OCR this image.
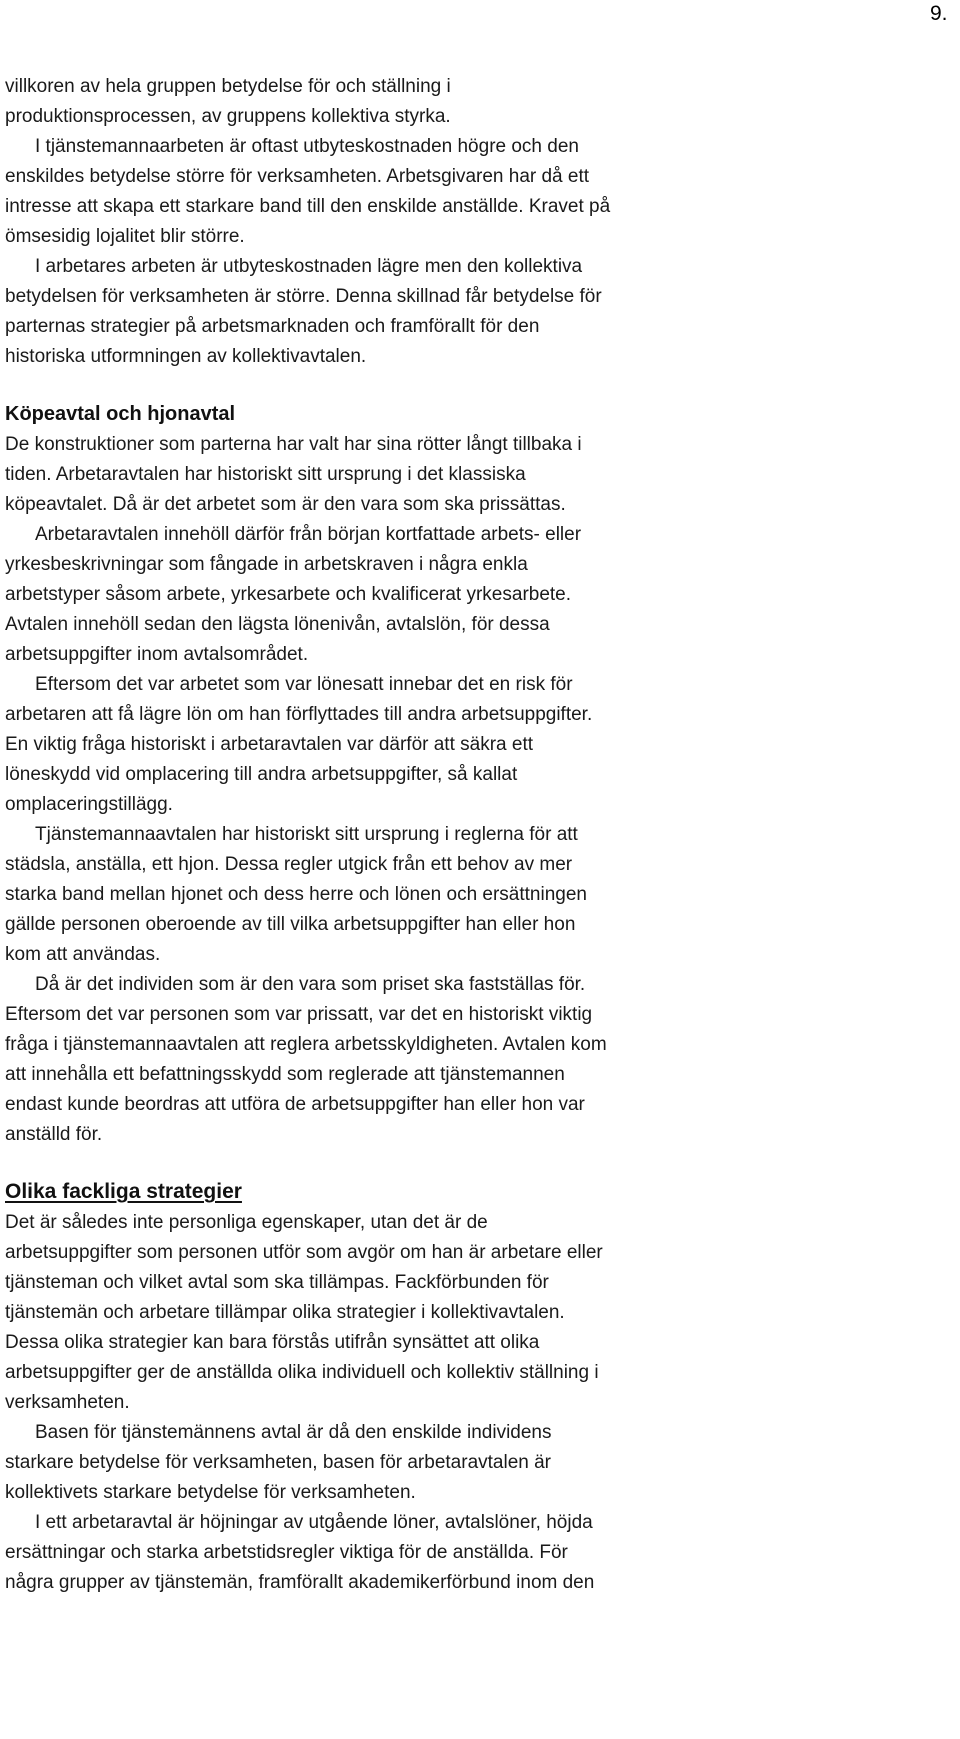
9.
villkoren av hela gruppen betydelse för och ställning i
produktionsprocessen, av gruppens kollektiva styrka.
I tjänstemannaarbeten är oftast utbyteskostnaden högre och den
enskildes betydelse större för verksamheten. Arbetsgivaren har då ett
intresse att skapa ett starkare band till den enskilde anställde. Kravet på
ömsesidig lojalitet blir större.
I arbetares arbeten är utbyteskostnaden lägre men den kollektiva
betydelsen för verksamheten är större. Denna skillnad får betydelse för
parternas strategier på arbetsmarknaden och framförallt för den
historiska utformningen av kollektivavtalen.
Köpeavtal och hjonavtal
De konstruktioner som parterna har valt har sina rötter långt tillbaka i
tiden. Arbetaravtalen har historiskt sitt ursprung i det klassiska
köpeavtalet. Då är det arbetet som är den vara som ska prissättas.
Arbetaravtalen innehöll därför från början kortfattade arbets- eller
yrkesbeskrivningar som fångade in arbetskraven i några enkla
arbetstyper såsom arbete, yrkesarbete och kvalificerat yrkesarbete.
Avtalen innehöll sedan den lägsta lönenivån, avtalslön, för dessa
arbetsuppgifter inom avtalsområdet.
Eftersom det var arbetet som var lönesatt innebar det en risk för
arbetaren att få lägre lön om han förflyttades till andra arbetsuppgifter.
En viktig fråga historiskt i arbetaravtalen var därför att säkra ett
löneskydd vid omplacering till andra arbetsuppgifter, så kallat
omplaceringstillägg.
Tjänstemannaavtalen har historiskt sitt ursprung i reglerna för att
städsla, anställa, ett hjon. Dessa regler utgick från ett behov av mer
starka band mellan hjonet och dess herre och lönen och ersättningen
gällde personen oberoende av till vilka arbetsuppgifter han eller hon
kom att användas.
Då är det individen som är den vara som priset ska fastställas för.
Eftersom det var personen som var prissatt, var det en historiskt viktig
fråga i tjänstemannaavtalen att reglera arbetsskyldigheten. Avtalen kom
att innehålla ett befattningsskydd som reglerade att tjänstemannen
endast kunde beordras att utföra de arbetsuppgifter han eller hon var
anställd för.
Olika fackliga strategier
Det är således inte personliga egenskaper, utan det är de
arbetsuppgifter som personen utför som avgör om han är arbetare eller
tjänsteman och vilket avtal som ska tillämpas. Fackförbunden för
tjänstemän och arbetare tillämpar olika strategier i kollektivavtalen.
Dessa olika strategier kan bara förstås utifrån synsättet att olika
arbetsuppgifter ger de anställda olika individuell och kollektiv ställning i
verksamheten.
Basen för tjänstemännens avtal är då den enskilde individens
starkare betydelse för verksamheten, basen för arbetaravtalen är
kollektivets starkare betydelse för verksamheten.
I ett arbetaravtal är höjningar av utgående löner, avtalslöner, höjda
ersättningar och starka arbetstidsregler viktiga för de anställda. För
några grupper av tjänstemän, framförallt akademikerförbund inom den
